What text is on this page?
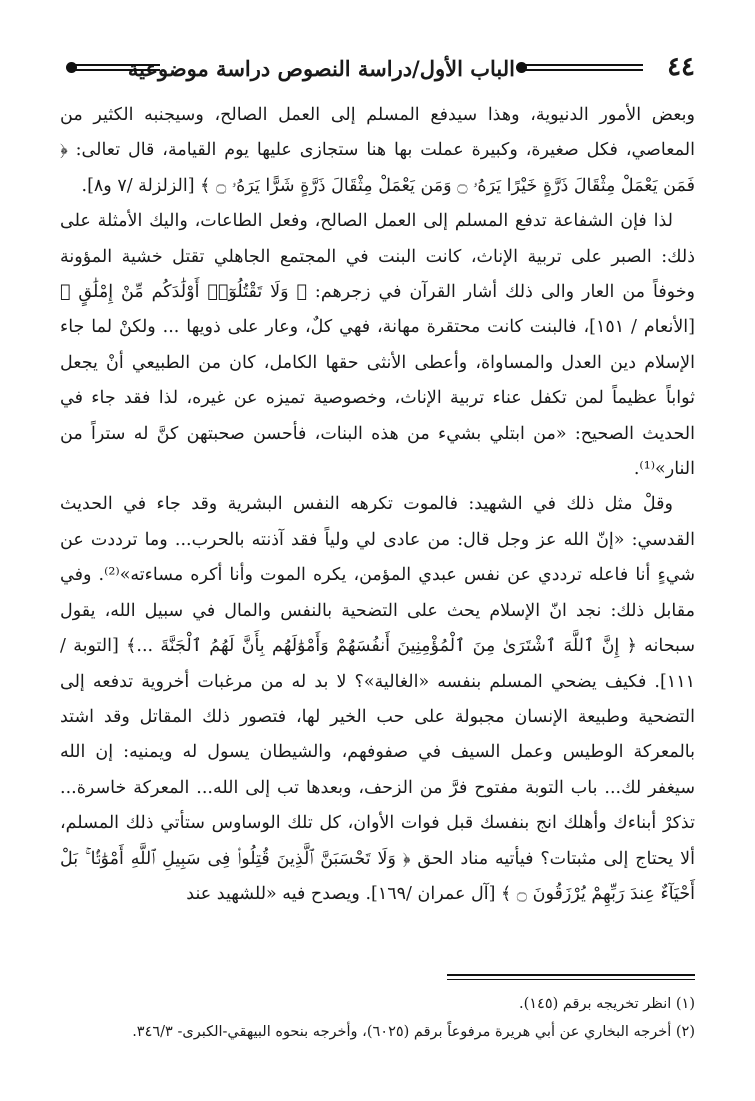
٤٤
الباب الأول/دراسة النصوص دراسة موضوعية

وبعض الأمور الدنيوية، وهذا سيدفع المسلم إلى العمل الصالح، وسيجنبه الكثير من المعاصي، فكل صغيرة، وكبيرة عملت بها هنا ستجازى عليها يوم القيامة، قال تعالى: ﴿ فَمَن يَعْمَلْ مِثْقَالَ ذَرَّةٍ خَيْرًا يَرَهُۥ ۝ وَمَن يَعْمَلْ مِثْقَالَ ذَرَّةٍ شَرًّا يَرَهُۥ ۝ ﴾ [الزلزلة /٧ و٨].

لذا فإن الشفاعة تدفع المسلم إلى العمل الصالح، وفعل الطاعات، واليك الأمثلة على ذلك: الصبر على تربية الإناث، كانت البنت في المجتمع الجاهلي تقتل خشية المؤونة وخوفاً من العار والى ذلك أشار القرآن في زجرهم: ﴿ وَلَا تَقْتُلُوٓا۟ أَوْلَٰدَكُم مِّنْ إِمْلَٰقٍ ﴾ [الأنعام / ١٥١]، فالبنت كانت محتقرة مهانة، فهي كلٌ، وعار على ذويها ... ولكنْ لما جاء الإسلام دين العدل والمساواة، وأعطى الأنثى حقها الكامل، كان من الطبيعي أنْ يجعل ثواباً عظيماً لمن تكفل عناء تربية الإناث، وخصوصية تميزه عن غيره، لذا فقد جاء في الحديث الصحيح: «من ابتلي بشيء من هذه البنات، فأحسن صحبتهن كنَّ له ستراً من النار»⁽¹⁾.

وقلْ مثل ذلك في الشهيد: فالموت تكرهه النفس البشرية وقد جاء في الحديث القدسي: «إنّ الله عز وجل قال: من عادى لي ولياً فقد آذنته بالحرب... وما ترددت عن شيءٍ أنا فاعله ترددي عن نفس عبدي المؤمن، يكره الموت وأنا أكره مساءته»⁽²⁾. وفي مقابل ذلك: نجد انّ الإسلام يحث على التضحية بالنفس والمال في سبيل الله، يقول سبحانه ﴿ إِنَّ ٱللَّهَ ٱشْتَرَىٰ مِنَ ٱلْمُؤْمِنِينَ أَنفُسَهُمْ وَأَمْوَٰلَهُم بِأَنَّ لَهُمُ ٱلْجَنَّةَ ...﴾ [التوبة / ١١١]. فكيف يضحي المسلم بنفسه «الغالية»؟ لا بد له من مرغبات أخروية تدفعه إلى التضحية وطبيعة الإنسان مجبولة على حب الخير لها، فتصور ذلك المقاتل وقد اشتد بالمعركة الوطيس وعمل السيف في صفوفهم، والشيطان يسول له ويمنيه: إن الله سيغفر لك... باب التوبة مفتوح فرَّ من الزحف، وبعدها تب إلى الله... المعركة خاسرة... تذكرْ أبناءك وأهلك انج بنفسك قبل فوات الأوان، كل تلك الوساوس ستأتي ذلك المسلم، ألا يحتاج إلى مثبتات؟ فيأتيه مناد الحق ﴿ وَلَا تَحْسَبَنَّ ٱلَّذِينَ قُتِلُوا۟ فِى سَبِيلِ ٱللَّهِ أَمْوَٰتًۢا ۚ بَلْ أَحْيَآءٌ عِندَ رَبِّهِمْ يُرْزَقُونَ ۝ ﴾ [آل عمران /١٦٩]. ويصدح فيه «للشهيد عند

(١) انظر تخريجه برقم (١٤٥).

(٢) أخرجه البخاري عن أبي هريرة مرفوعاً برقم (٦٠٢٥)، وأخرجه بنحوه البيهقي-الكبرى- ٣٤٦/٣.
